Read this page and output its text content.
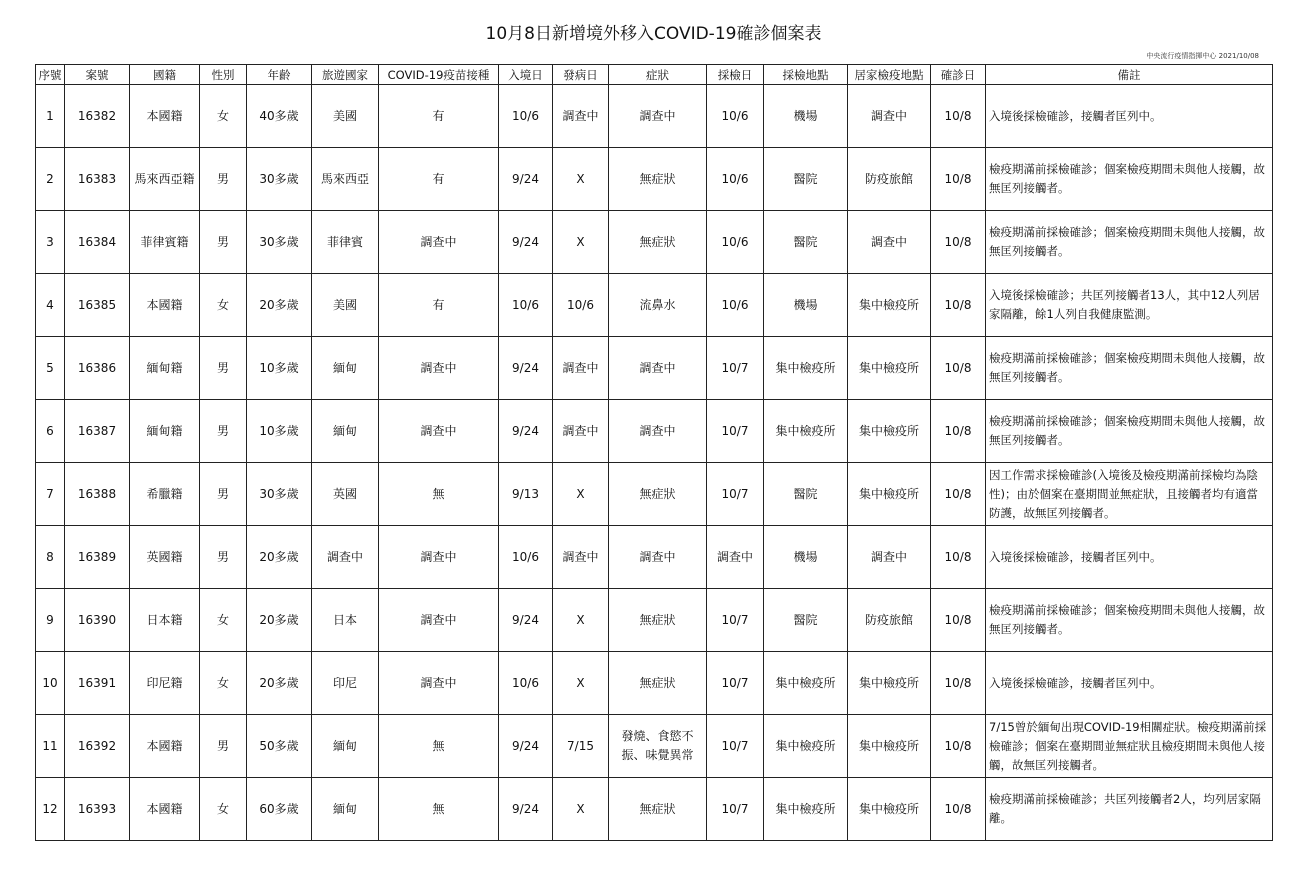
10月8日新增境外移入COVID-19確診個案表
中央流行疫情指揮中心 2021/10/08
序號	案號	國籍	性別	年齡	旅遊國家	COVID-19疫苗接種	入境日	發病日	症狀	採檢日	採檢地點	居家檢疫地點	確診日	備註
1	16382	本國籍	女	40多歲	美國	有	10/6	調查中	調查中	10/6	機場	調查中	10/8	入境後採檢確診，接觸者匡列中。
2	16383	馬來西亞籍	男	30多歲	馬來西亞	有	9/24	X	無症狀	10/6	醫院	防疫旅館	10/8	檢疫期滿前採檢確診；個案檢疫期間未與他人接觸，故無匡列接觸者。
3	16384	菲律賓籍	男	30多歲	菲律賓	調查中	9/24	X	無症狀	10/6	醫院	調查中	10/8	檢疫期滿前採檢確診；個案檢疫期間未與他人接觸，故無匡列接觸者。
4	16385	本國籍	女	20多歲	美國	有	10/6	10/6	流鼻水	10/6	機場	集中檢疫所	10/8	入境後採檢確診；共匡列接觸者13人，其中12人列居家隔離，餘1人列自我健康監測。
5	16386	緬甸籍	男	10多歲	緬甸	調查中	9/24	調查中	調查中	10/7	集中檢疫所	集中檢疫所	10/8	檢疫期滿前採檢確診；個案檢疫期間未與他人接觸，故無匡列接觸者。
6	16387	緬甸籍	男	10多歲	緬甸	調查中	9/24	調查中	調查中	10/7	集中檢疫所	集中檢疫所	10/8	檢疫期滿前採檢確診；個案檢疫期間未與他人接觸，故無匡列接觸者。
7	16388	希臘籍	男	30多歲	英國	無	9/13	X	無症狀	10/7	醫院	集中檢疫所	10/8	因工作需求採檢確診(入境後及檢疫期滿前採檢均為陰性)；由於個案在臺期間並無症狀，且接觸者均有適當防護，故無匡列接觸者。
8	16389	英國籍	男	20多歲	調查中	調查中	10/6	調查中	調查中	調查中	機場	調查中	10/8	入境後採檢確診，接觸者匡列中。
9	16390	日本籍	女	20多歲	日本	調查中	9/24	X	無症狀	10/7	醫院	防疫旅館	10/8	檢疫期滿前採檢確診；個案檢疫期間未與他人接觸，故無匡列接觸者。
10	16391	印尼籍	女	20多歲	印尼	調查中	10/6	X	無症狀	10/7	集中檢疫所	集中檢疫所	10/8	入境後採檢確診，接觸者匡列中。
11	16392	本國籍	男	50多歲	緬甸	無	9/24	7/15	發燒、食慾不振、味覺異常	10/7	集中檢疫所	集中檢疫所	10/8	7/15曾於緬甸出現COVID-19相關症狀。檢疫期滿前採檢確診；個案在臺期間並無症狀且檢疫期間未與他人接觸，故無匡列接觸者。
12	16393	本國籍	女	60多歲	緬甸	無	9/24	X	無症狀	10/7	集中檢疫所	集中檢疫所	10/8	檢疫期滿前採檢確診；共匡列接觸者2人，均列居家隔離。
